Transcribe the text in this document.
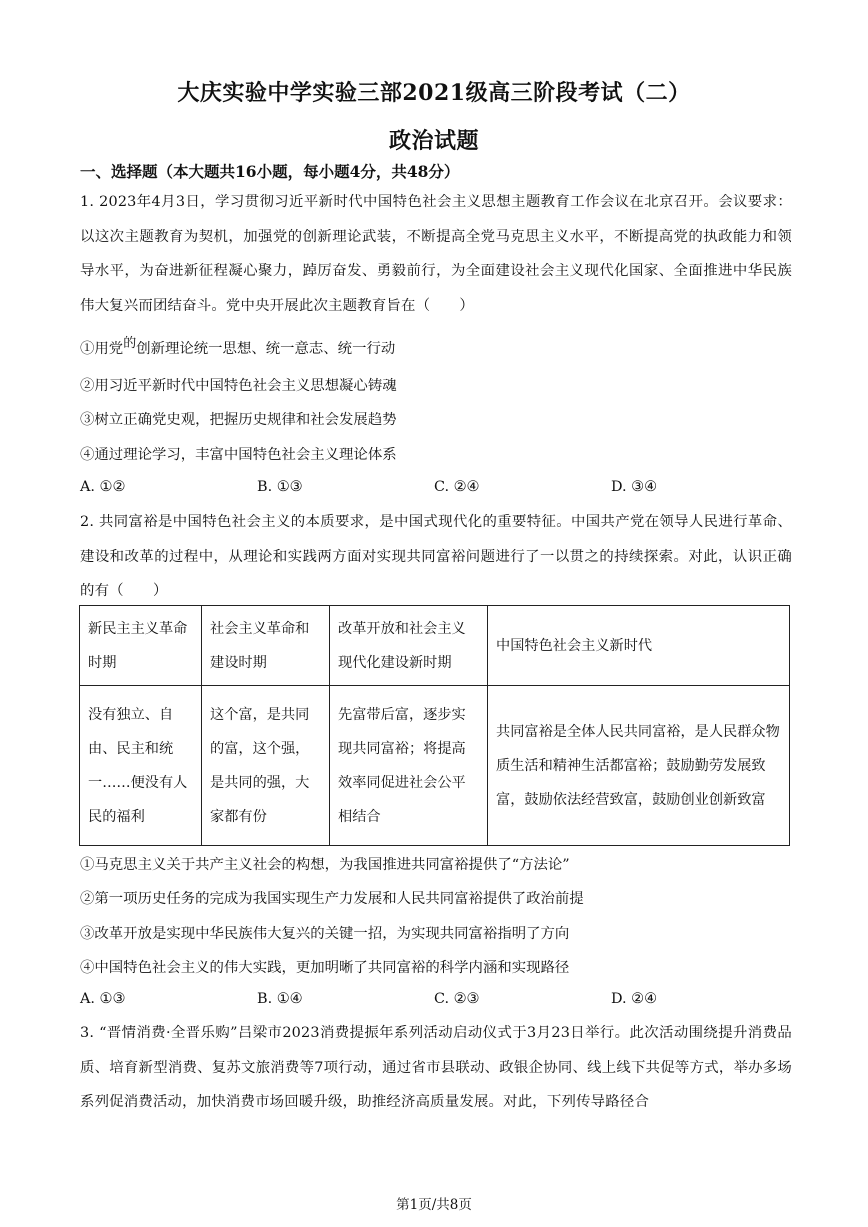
大庆实验中学实验三部2021级高三阶段考试（二）
政治试题
一、选择题（本大题共16小题，每小题4分，共48分）
1. 2023年4月3日，学习贯彻习近平新时代中国特色社会主义思想主题教育工作会议在北京召开。会议要求：以这次主题教育为契机，加强党的创新理论武装，不断提高全党马克思主义水平，不断提高党的执政能力和领导水平，为奋进新征程凝心聚力，踔厉奋发、勇毅前行，为全面建设社会主义现代化国家、全面推进中华民族伟大复兴而团结奋斗。党中央开展此次主题教育旨在（　　）
①用党的创新理论统一思想、统一意志、统一行动
②用习近平新时代中国特色社会主义思想凝心铸魂
③树立正确党史观，把握历史规律和社会发展趋势
④通过理论学习，丰富中国特色社会主义理论体系
A. ①②	B. ①③	C. ②④	D. ③④
2. 共同富裕是中国特色社会主义的本质要求，是中国式现代化的重要特征。中国共产党在领导人民进行革命、建设和改革的过程中，从理论和实践两方面对实现共同富裕问题进行了一以贯之的持续探索。对此，认识正确的有（　　）
新民主主义革命时期	社会主义革命和建设时期	改革开放和社会主义现代化建设新时期	中国特色社会主义新时代
没有独立、自由、民主和统一……便没有人民的福利	这个富，是共同的富，这个强，是共同的强，大家都有份	先富带后富，逐步实现共同富裕；将提高效率同促进社会公平相结合	共同富裕是全体人民共同富裕，是人民群众物质生活和精神生活都富裕；鼓励勤劳发展致富，鼓励依法经营致富，鼓励创业创新致富
①马克思主义关于共产主义社会的构想，为我国推进共同富裕提供了“方法论”
②第一项历史任务的完成为我国实现生产力发展和人民共同富裕提供了政治前提
③改革开放是实现中华民族伟大复兴的关键一招，为实现共同富裕指明了方向
④中国特色社会主义的伟大实践，更加明晰了共同富裕的科学内涵和实现路径
A. ①③	B. ①④	C. ②③	D. ②④
3. “晋情消费·全晋乐购”吕梁市2023消费提振年系列活动启动仪式于3月23日举行。此次活动围绕提升消费品质、培育新型消费、复苏文旅消费等7项行动，通过省市县联动、政银企协同、线上线下共促等方式，举办多场系列促消费活动，加快消费市场回暖升级，助推经济高质量发展。对此，下列传导路径合
第1页/共8页
